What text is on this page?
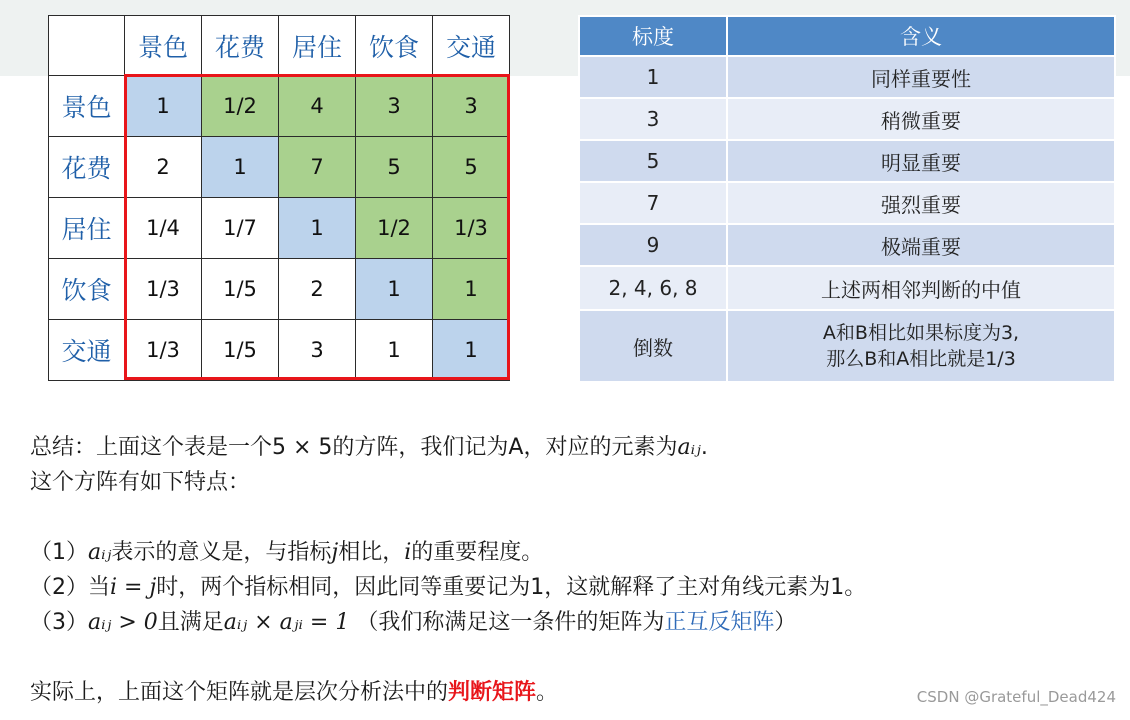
	景色	花费	居住	饮食	交通
景色	1	1/2	4	3	3
花费	2	1	7	5	5
居住	1/4	1/7	1	1/2	1/3
饮食	1/3	1/5	2	1	1
交通	1/3	1/5	3	1	1
标度	含义
1	同样重要性
3	稍微重要
5	明显重要
7	强烈重要
9	极端重要
2, 4, 6, 8	上述两相邻判断的中值
倒数	A和B相比如果标度为3,
那么B和A相比就是1/3
总结：上面这个表是一个5 × 5的方阵，我们记为A，对应的元素为aᵢⱼ.
这个方阵有如下特点：
（1）aᵢⱼ表示的意义是，与指标j相比，i的重要程度。
（2）当i = j时，两个指标相同，因此同等重要记为1，这就解释了主对角线元素为1。
（3）aᵢⱼ > 0且满足aᵢⱼ × aⱼᵢ = 1 （我们称满足这一条件的矩阵为正互反矩阵）
实际上，上面这个矩阵就是层次分析法中的判断矩阵。	CSDN @Grateful_Dead424
